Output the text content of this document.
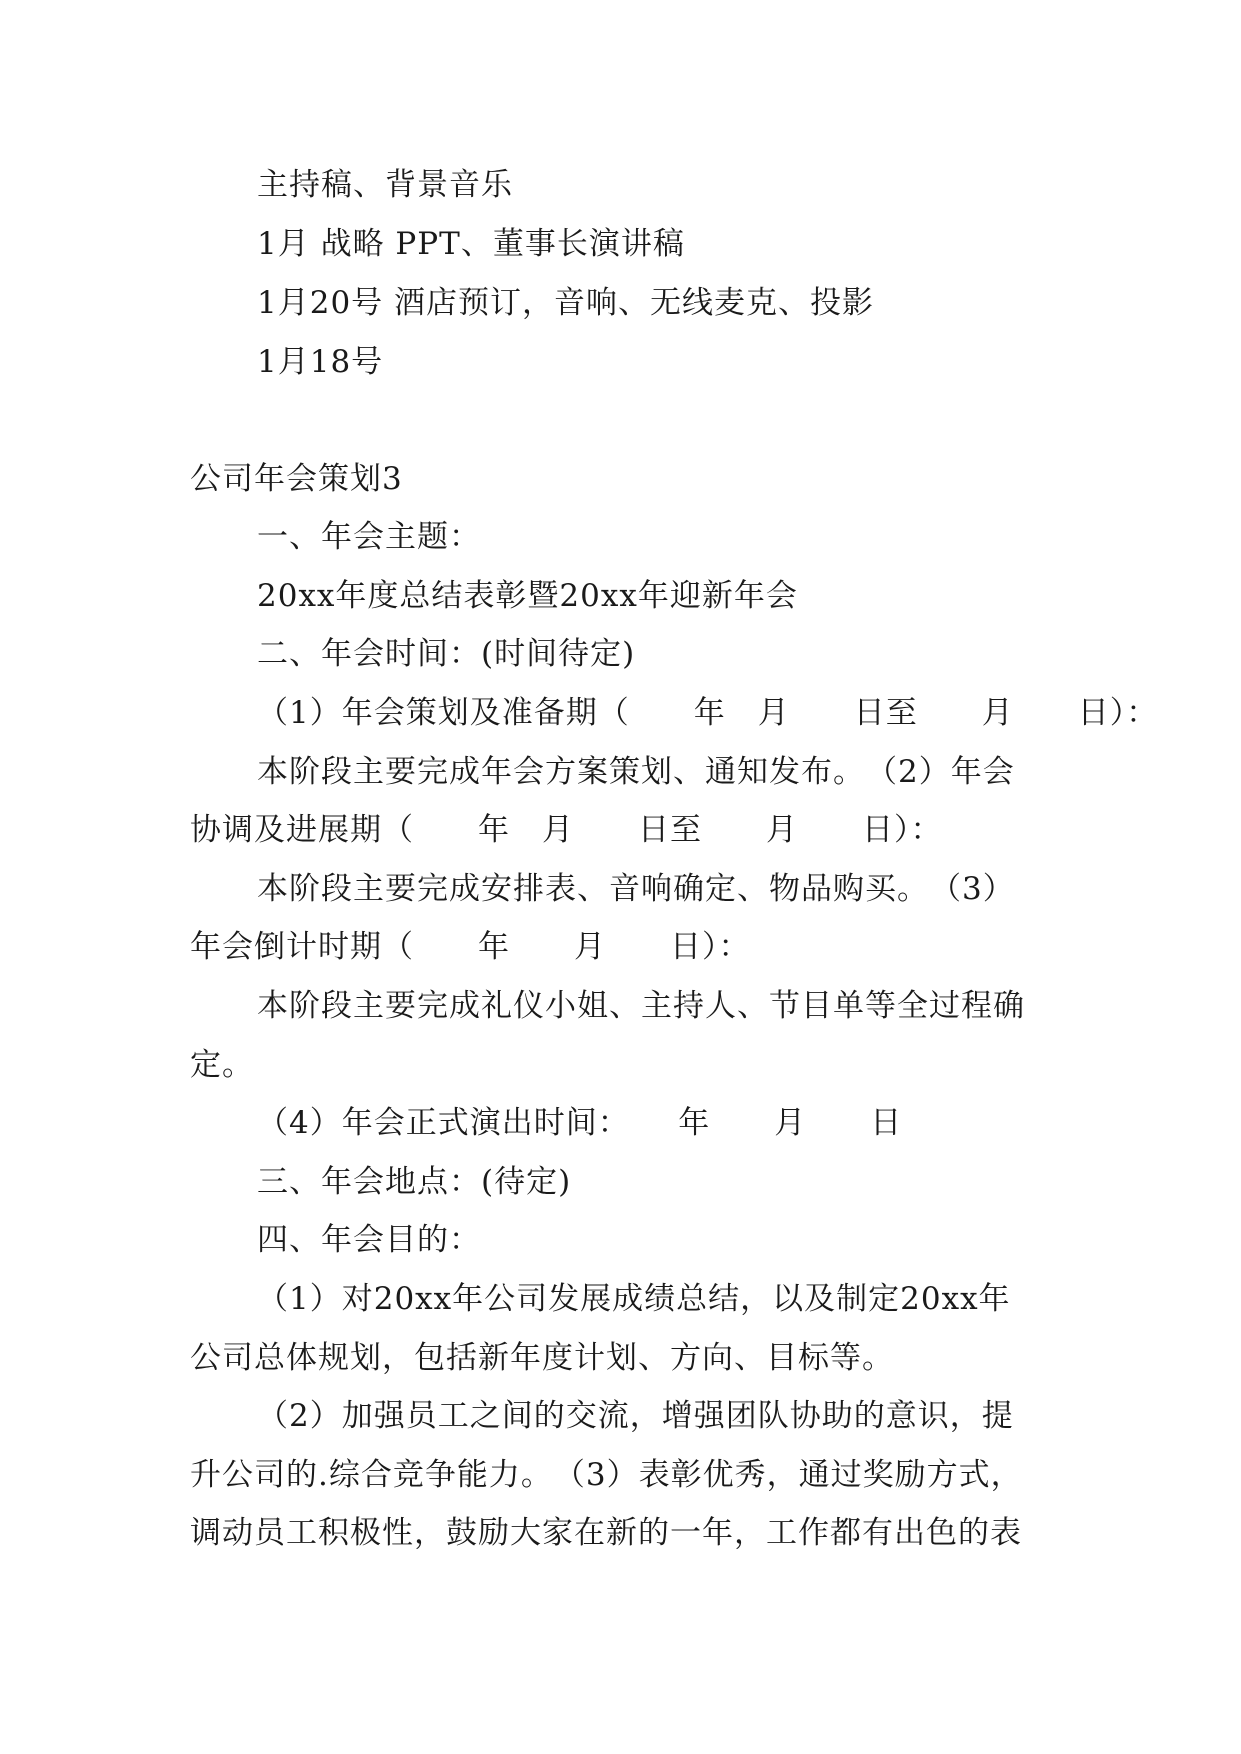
主持稿、背景音乐
1月 战略 PPT、董事长演讲稿
1月20号 酒店预订，音响、无线麦克、投影
1月18号
公司年会策划3
一、年会主题：
20xx年度总结表彰暨20xx年迎新年会
二、年会时间：(时间待定)
（1）年会策划及准备期（　　年　月　　日至　　月　　日）：
本阶段主要完成年会方案策划、通知发布。　（2）年会
协调及进展期（　　年　月　　日至　　月　　日）：
本阶段主要完成安排表、音响确定、物品购买。　（3）
年会倒计时期（　　年　　月　　日）：
本阶段主要完成礼仪小姐、主持人、节目单等全过程确
定。
（4）年会正式演出时间：　　年　　月　　日
三、年会地点：(待定)
四、年会目的：
（1）对20xx年公司发展成绩总结，以及制定20xx年
公司总体规划，包括新年度计划、方向、目标等。
（2）加强员工之间的交流，增强团队协助的意识，提
升公司的.综合竞争能力。　（3）表彰优秀，通过奖励方式，
调动员工积极性，鼓励大家在新的一年，工作都有出色的表
